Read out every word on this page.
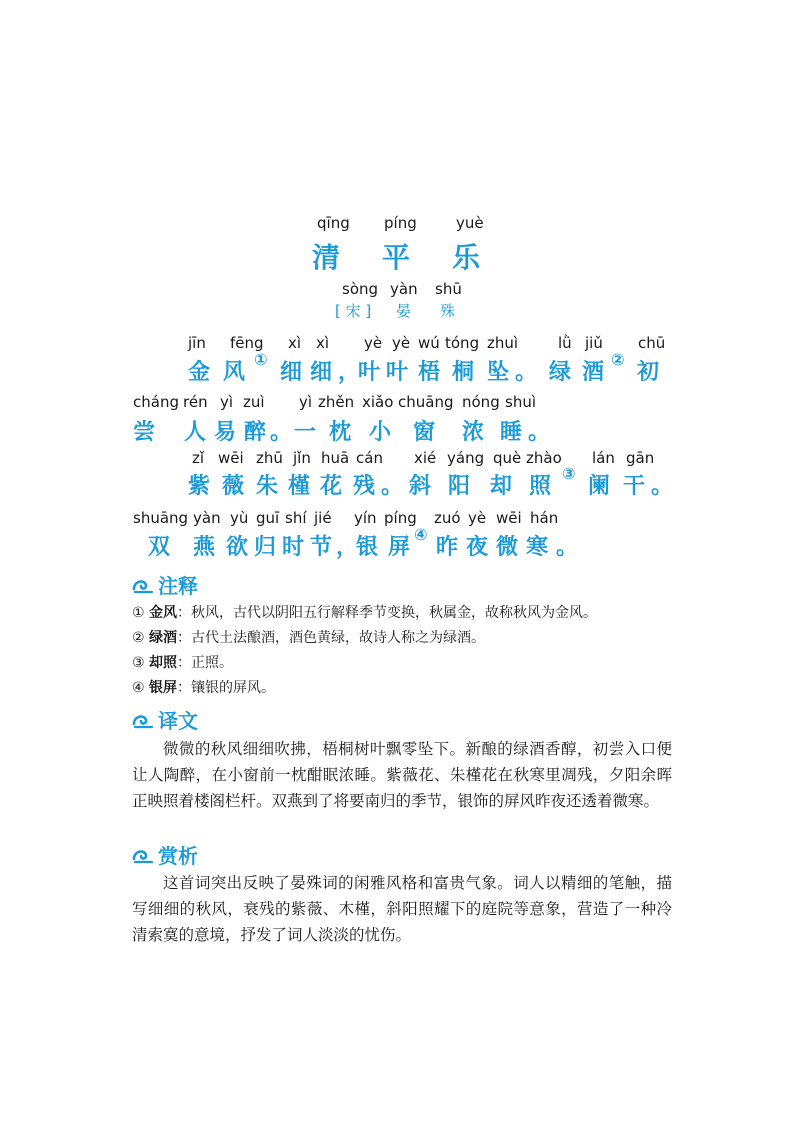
qīng píng	yuè
清 平 乐
sòng yàn shū
[ 宋 ] 晏 殊
jīn fēng xì xì yè yè wú tóng zhuì	lǜ jiǔ chū
金 风
①
细 细 ，
叶 叶 梧 桐 坠 。 绿 酒
②
初
cháng rén yì zuì yì zhěn xiǎo chuāng nóng shuì
尝 人 易 醉 。 一 枕 小 窗 浓 睡 。
zǐ wēi zhū jǐn huā cán xié yáng què zhào lán gān
紫 薇 朱 槿 花 残 。 斜 阳 却 照
③
阑 干 。
shuāng yàn yù guī shí jié yín píng zuó yè wēi hán
双 燕 欲 归 时 节 ，
银 屏
④
昨 夜 微 寒 。
注释
① 金风：秋风，古代以阴阳五行解释季节变换，秋属金，故称秋风为金风。
② 绿酒：古代土法酿酒，酒色黄绿，故诗人称之为绿酒。
③ 却照：正照。
④ 银屏：镶银的屏风。
译文
微微的秋风细细吹拂，梧桐树叶飘零坠下。新酿的绿酒香醇，初尝入口便让人陶醉，在小窗前一枕酣眠浓睡。紫薇花、朱槿花在秋寒里凋残，夕阳余晖正映照着楼阁栏杆。双燕到了将要南归的季节，银饰的屏风昨夜还透着微寒。
赏析
这首词突出反映了晏殊词的闲雅风格和富贵气象。词人以精细的笔触，描写细细的秋风，衰残的紫薇、木槿，斜阳照耀下的庭院等意象，营造了一种冷清索寞的意境，抒发了词人淡淡的忧伤。
